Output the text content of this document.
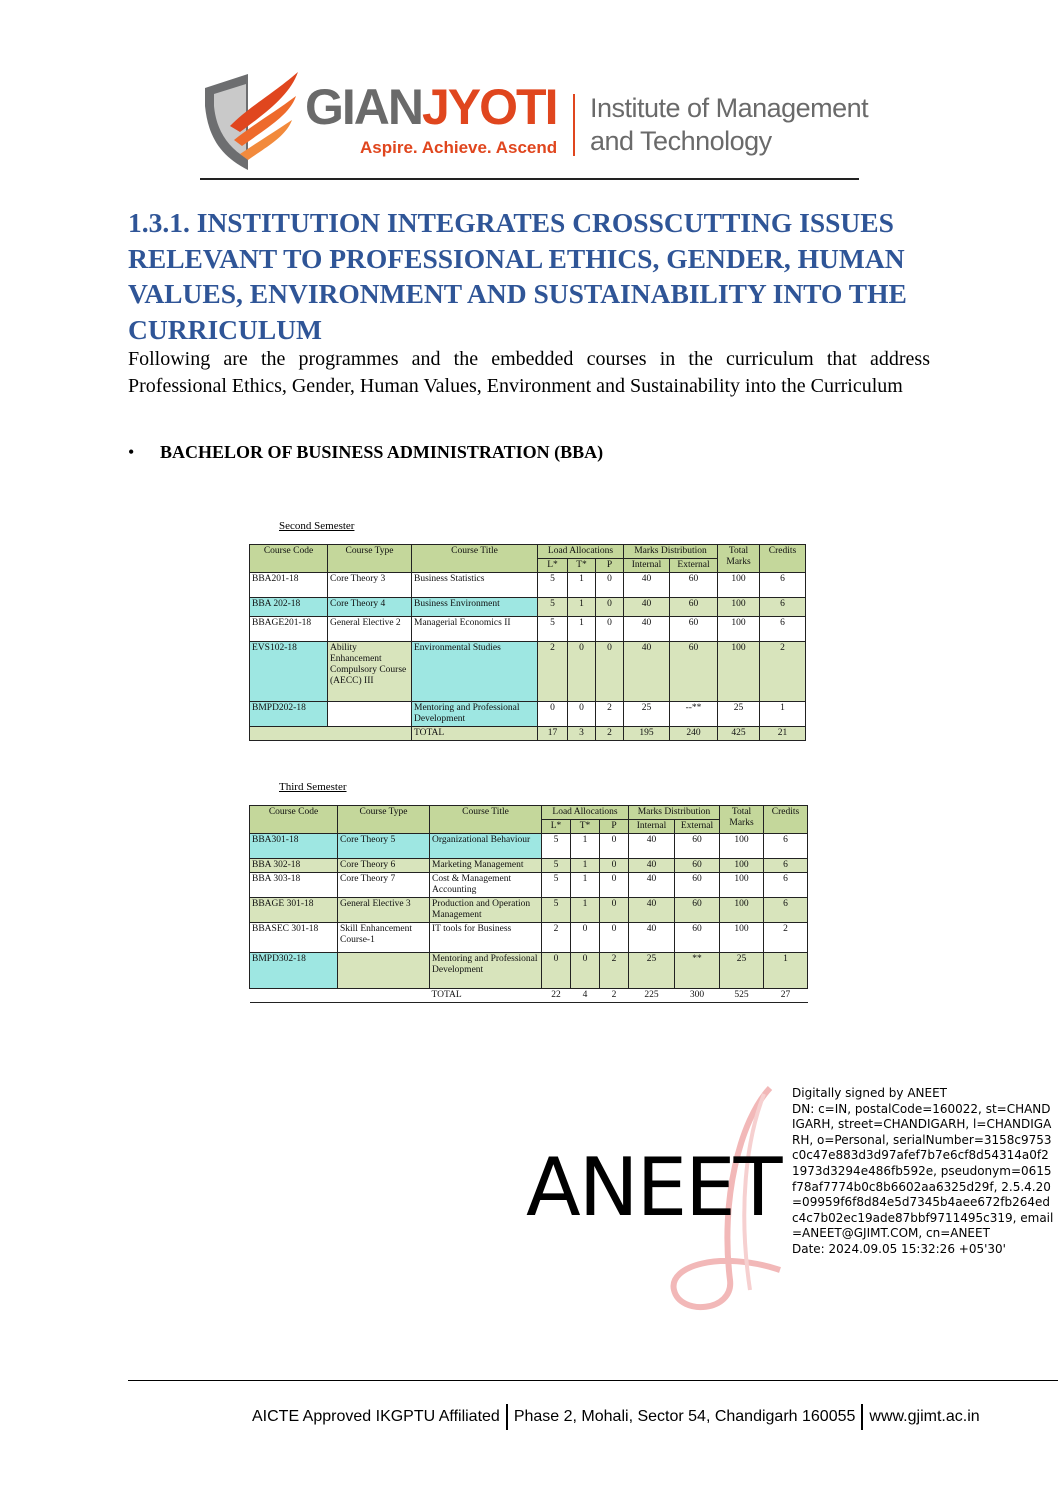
GIANJYOTI
Aspire. Achieve. Ascend
Institute of Management
and Technology
1.3.1. INSTITUTION INTEGRATES CROSSCUTTING ISSUES RELEVANT TO PROFESSIONAL ETHICS, GENDER, HUMAN VALUES, ENVIRONMENT AND SUSTAINABILITY INTO THE CURRICULUM

Following are the programmes and the embedded courses in the curriculum that address Professional Ethics, Gender, Human Values, Environment and Sustainability into the Curriculum

• BACHELOR OF BUSINESS ADMINISTRATION (BBA)
Second Semester
Course Code	Course Type	Course Title	Load Allocations			Marks Distribution		Total Marks	Credits
			L*	T*	P	Internal	External		
BBA201-18	Core Theory 3	Business Statistics	5	1	0	40	60	100	6
BBA 202-18	Core Theory 4	Business Environment	5	1	0	40	60	100	6
BBAGE201-18	General Elective 2	Managerial Economics II	5	1	0	40	60	100	6
EVS102-18	Ability Enhancement Compulsory Course (AECC) III	Environmental Studies	2	0	0	40	60	100	2
BMPD202-18		Mentoring and Professional Development	0	0	2	25	--**	25	1
		TOTAL	17	3	2	195	240	425	21
Third Semester
Course Code	Course Type	Course Title	Load Allocations			Marks Distribution		Total Marks	Credits
			L*	T*	P	Internal	External		
BBA301-18	Core Theory 5	Organizational Behaviour	5	1	0	40	60	100	6
BBA 302-18	Core Theory 6	Marketing Management	5	1	0	40	60	100	6
BBA 303-18	Core Theory 7	Cost & Management Accounting	5	1	0	40	60	100	6
BBAGE 301-18	General Elective 3	Production and Operation Management	5	1	0	40	60	100	6
BBASEC 301-18	Skill Enhancement Course-1	IT tools for Business	2	0	0	40	60	100	2
BMPD302-18		Mentoring and Professional Development	0	0	2	25	**	25	1
		TOTAL	22	4	2	225	300	525	27
ANEET
Digitally signed by ANEET
DN: c=IN, postalCode=160022, st=CHANDIGARH, street=CHANDIGARH, l=CHANDIGARH, o=Personal, serialNumber=3158c9753c0c47e883d3d97afef7b7e6cf8d54314a0f21973d3294e486fb592e, pseudonym=0615f78af7774b0c8b6602aa6325d29f, 2.5.4.20=09959f6f8d84e5d7345b4aee672fb264edc4c7b02ec19ade87bbf9711495c319, email=ANEET@GJIMT.COM, cn=ANEET
Date: 2024.09.05 15:32:26 +05'30'
AICTE Approved IKGPTU Affiliated Phase 2, Mohali, Sector 54, Chandigarh 160055 www.gjimt.ac.in
